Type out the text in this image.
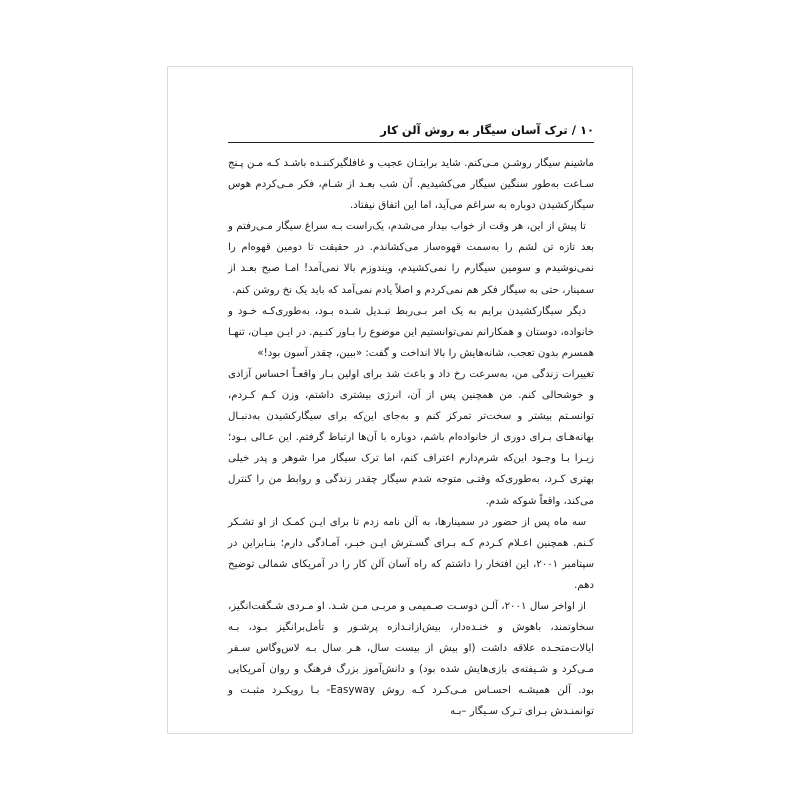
۱۰/ترک آسان سیگار به روش آلن کار

ماشینم سیگار روشـن مـی‌کنم. شاید برایتـان عجیب و غافلگیرکننـده باشـد کـه مـن پـنج سـاعت به‌طور سنگین سیگار می‌کشیدیم. آن شب بعـد از شـام، فکر مـی‌کردم هوس سیگارکشیدن دوباره به سراغم می‌آید، اما این اتفاق نیفتاد.

تا پیش از این، هر وقت از خواب بیدار می‌شدم، یک‌راست بـه سراغ سیگار مـی‌رفتم و بعد تازه تن لشم را به‌سمت قهوه‌ساز می‌کشاندم. در حقیقت تا دومین قهوه‌ام را نمی‌نوشیدم و سومین سیگارم را نمی‌کشیدم، ویندوزم بالا نمی‌آمد! امـا صبح بعـد از سمینار، حتی به سیگار فکر هم نمی‌کردم و اصلاً یادم نمی‌آمد که باید یک نخ روشن کنم.

دیگر سیگارکشیدن برایم به یک امر بـی‌ربط تبـدیل شـده بـود، به‌طوری‌کـه خـود و خانواده، دوستان و همکارانم نمی‌توانستیم این موضوع را بـاور کنـیم. در ایـن میـان، تنهـا همسرم بدون تعجب، شانه‌هایش را بالا انداخت و گفت: «ببین، چقدر آسون بود!»

تغییرات زندگی من، به‌سرعت رخ داد و باعث شد برای اولین بـار واقعـاً احساس آزادی و خوشحالی کنم. من همچنین پس از آن، انرژی بیشتری داشتم، وزن کـم کـردم، توانسـتم بیشتر و سخت‌تر تمرکز کنم و به‌جای این‌که برای سیگارکشیدن به‌دنبـال بهانه‌هـای بـرای دوری از خانواده‌ام باشم، دوباره با آن‌ها ارتباط گرفتم. این عـالی بـود؛ زیـرا بـا وجـود این‌که شرم‌دارم اعتراف کنم، اما ترک سیگار مرا شوهر و پدر خیلی بهتری کـرد، به‌طوری‌که وقتـی متوجه شدم سیگار چقدر زندگی و روابط من را کنترل می‌کند، واقعاً شوکه شدم.

سه ماه پس از حضور در سمینارها، به آلن نامه زدم تا برای ایـن کمـک از او تشـکر کـنم. همچنین اعـلام کـردم کـه بـرای گسـترش ایـن خبـر، آمـادگی دارم؛ بنـابراین در سپتامبر ۲۰۰۱، این افتخار را داشتم که راه آسان آلن کار را در آمریکای شمالی توضیح دهم.

از اواخر سال ۲۰۰۱، آلـن دوسـت صـمیمی و مربـی مـن شـد. او مـردی شـگفت‌انگیز، سخاوتمند، باهوش و خنـده‌دار، بیش‌ازانـدازه پرشـور و تأمل‌برانگیز بـود، بـه ایالات‌متحـده علاقه داشت (او بیش از بیست سال، هـر سال بـه لاس‌وگاس سـفر مـی‌کرد و شـیفته‌ی بازی‌هایش شده بود) و دانش‌آموز بزرگ فرهنگ و روان آمریکایی بود. آلن همیشـه احسـاس مـی‌کـرد کـه روش Easyway- بـا رویکـرد مثبـت و توانمنـدش بـرای تـرک سـیگار –بـه
